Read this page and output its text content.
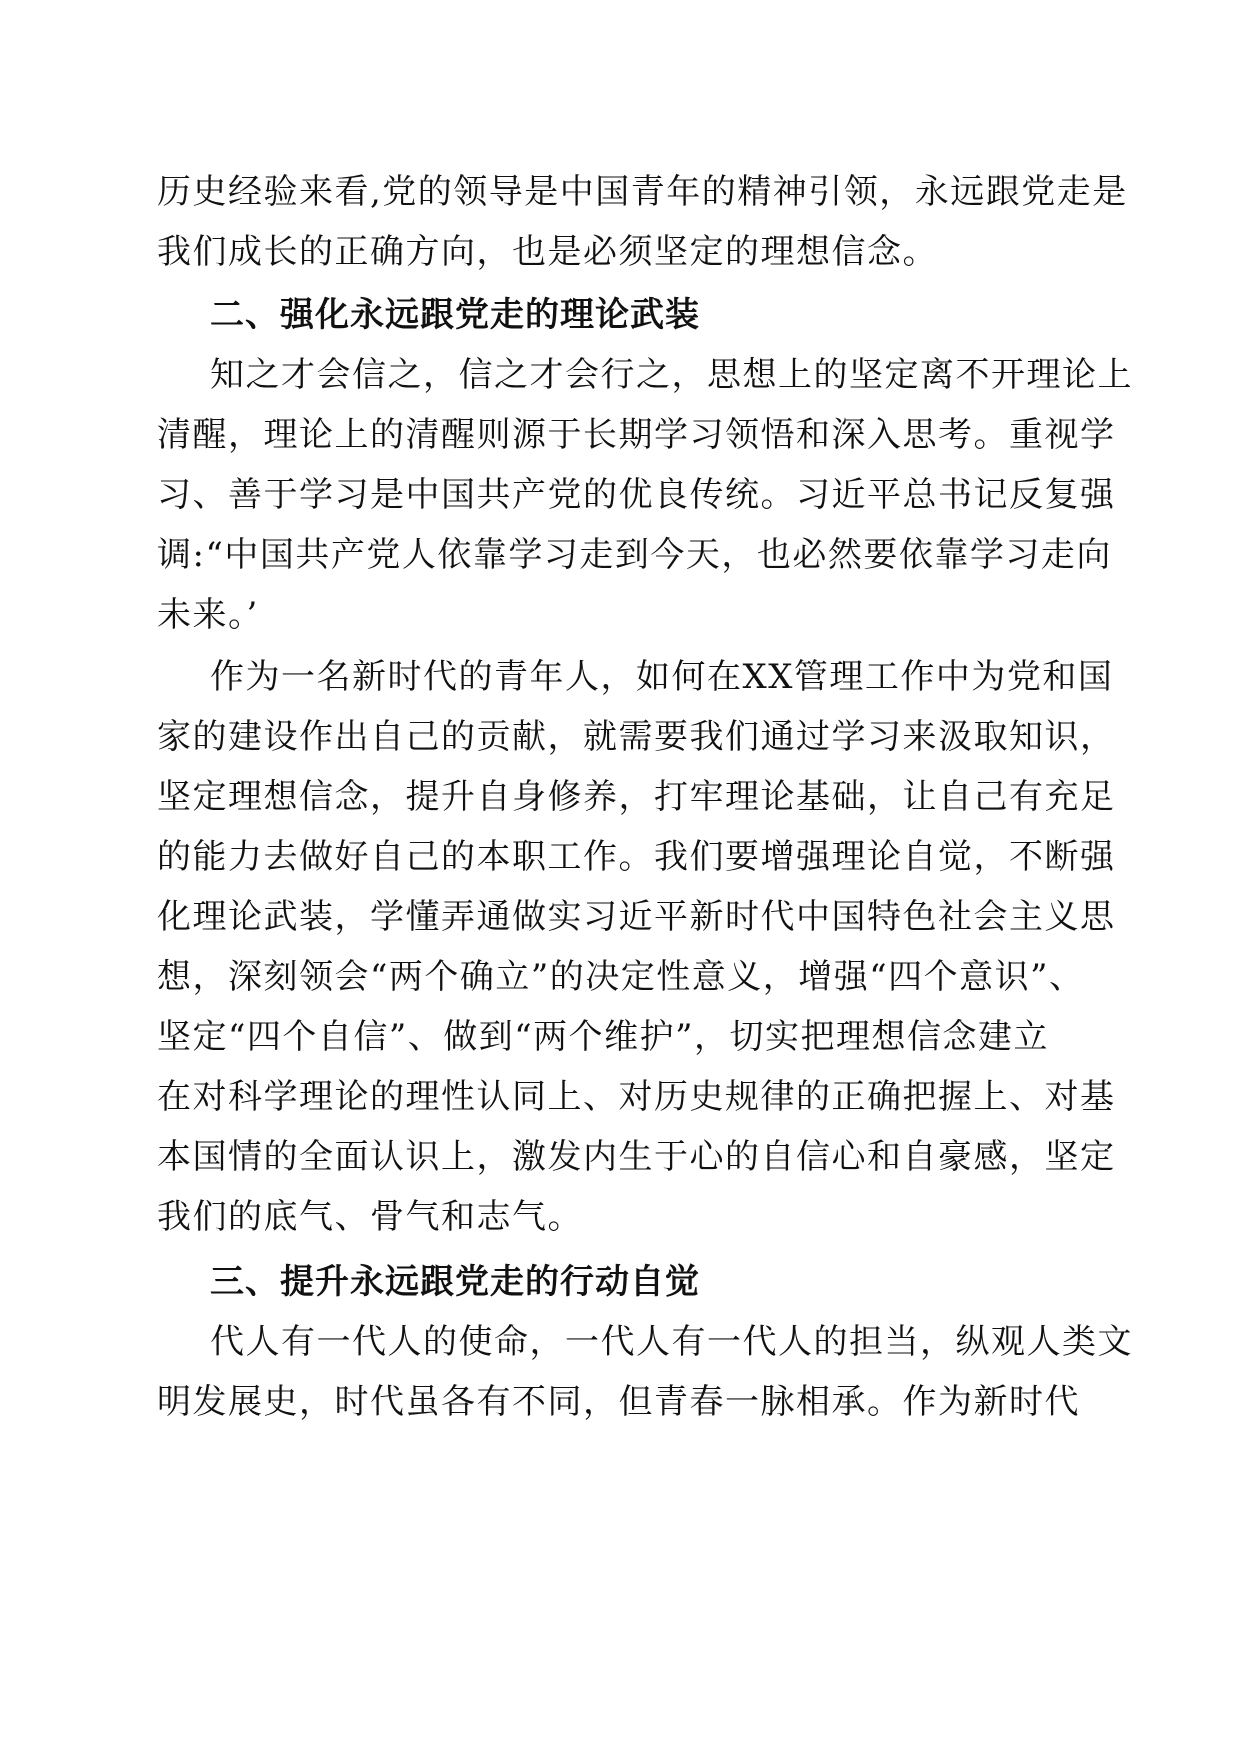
历史经验来看,党的领导是中国青年的精神引领，永远跟党走是
我们成长的正确方向，也是必须坚定的理想信念。
二、强化永远跟党走的理论武装
知之才会信之，信之才会行之，思想上的坚定离不开理论上
清醒，理论上的清醒则源于长期学习领悟和深入思考。重视学
习、善于学习是中国共产党的优良传统。习近平总书记反复强
调:“中国共产党人依靠学习走到今天，也必然要依靠学习走向
未来。’
作为一名新时代的青年人，如何在XX管理工作中为党和国
家的建设作出自己的贡献，就需要我们通过学习来汲取知识，
坚定理想信念，提升自身修养，打牢理论基础，让自己有充足
的能力去做好自己的本职工作。我们要增强理论自觉，不断强
化理论武装，学懂弄通做实习近平新时代中国特色社会主义思
想，深刻领会“两个确立”的决定性意义，增强“四个意识”、
坚定“四个自信”、做到“两个维护”，切实把理想信念建立
在对科学理论的理性认同上、对历史规律的正确把握上、对基
本国情的全面认识上，激发内生于心的自信心和自豪感，坚定
我们的底气、骨气和志气。
三、提升永远跟党走的行动自觉
代人有一代人的使命，一代人有一代人的担当，纵观人类文
明发展史，时代虽各有不同，但青春一脉相承。作为新时代
